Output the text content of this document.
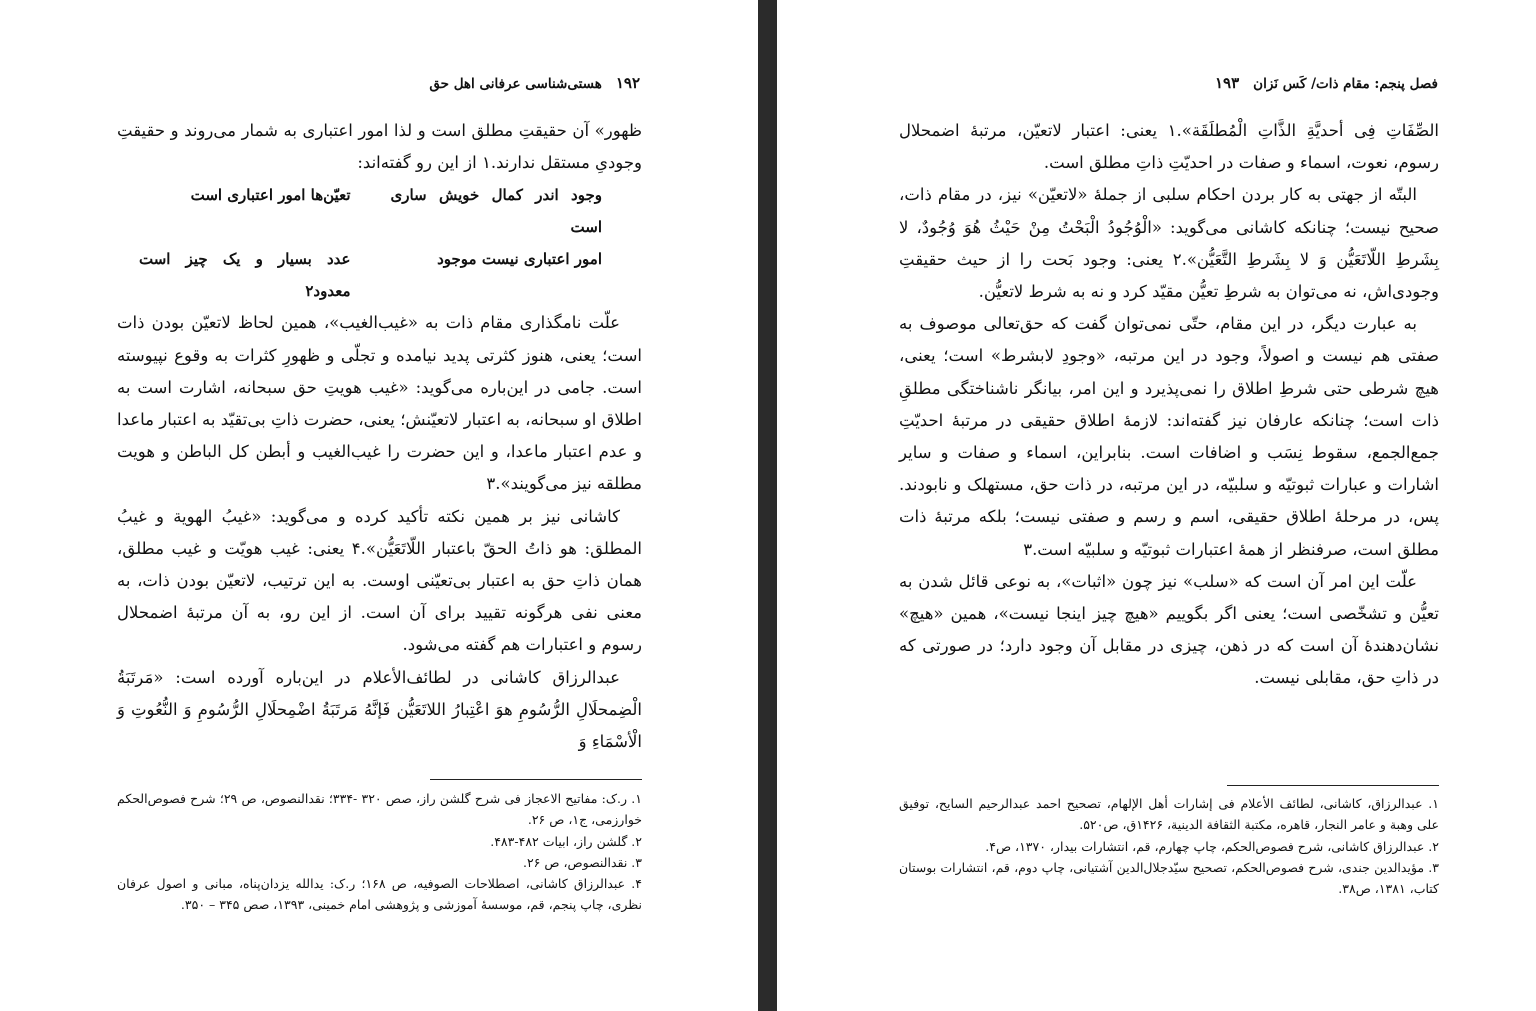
۱۹۲
هستی‌شناسی عرفانی اهل حق

ظهور» آن حقیقتِ مطلق است و لذا امور اعتباری به شمار می‌روند و حقیقتِ وجودیِ مستقل ندارند.۱ از این رو گفته‌اند:

وجود اندر کمال خویش ساری است
تعیّن‌ها امور اعتباری است
امور اعتباری نیست موجود
عدد بسیار و یک چیز است معدود۲

علّت نامگذاری مقام ذات به «غیب‌الغیب»، همین لحاظ لاتعیّن بودن ذات است؛ یعنی، هنوز کثرتی پدید نیامده و تجلّی و ظهورِ کثرات به وقوع نپیوسته است. جامی در این‌باره می‌گوید: «غیب هویتِ حق سبحانه، اشارت است به اطلاق او سبحانه، به اعتبار لاتعیّنش؛ یعنی، حضرت ذاتِ بی‌تقیّد به اعتبار ماعدا و عدم اعتبار ماعدا، و این حضرت را غیب‌الغیب و أبطن کل الباطن و هویت مطلقه نیز می‌گویند».۳

کاشانی نیز بر همین نکته تأکید کرده و می‌گوید: «غیبُ الهویة و غیبُ المطلق: هو ذاتُ الحقّ باعتبار اللّاتَعَیُّن».۴ یعنی: غیب هویّت و غیب مطلق، همان ذاتِ حق به اعتبار بی‌تعیّنی اوست. به این ترتیب، لاتعیّن بودن ذات، به معنی نفی هرگونه تقیید برای آن است. از این رو، به آن مرتبهٔ اضمحلال رسوم و اعتبارات هم گفته می‌شود.

عبدالرزاق کاشانی در لطائف‌الأعلام در این‌باره آورده است: «مَرتَبَةُ الْضِمحلَالِ الرُّسُومِ هوَ اعْتِبارُ اللاتَعَیُّن فَإنَّهُ مَرتَبَةُ اضْمِحلَالِ الرُّسُومِ وَ النُّعُوتِ وَ الْأسْمَاءِ وَ

۱. ر.ک: مفاتیح الاعجاز فی شرح گلشن راز، صص ۳۲۰ -۳۳۴؛ نقدالنصوص، ص ۲۹؛ شرح فصوص‌الحکم خوارزمی، ج۱، ص ۲۶.

۲. گلشن راز، ابیات ۴۸۲-۴۸۳.

۳. نقدالنصوص، ص ۲۶.

۴. عبدالرزاق کاشانی، اصطلاحات الصوفیه، ص ۱۶۸؛ ر.ک: یدالله یزدان‌پناه، مبانی و اصول عرفان نظری، چاپ پنجم، قم، موسسهٔ آموزشی و پژوهشی امام خمینی، ۱۳۹۳، صص ۳۴۵ – ۳۵۰.

فصل پنجم: مقام ذات/ کَس نَزان
۱۹۳

الصِّفَاتِ فِی أحدیَّةِ الذَّاتِ الْمُطلَقَة».۱ یعنی: اعتبار لاتعیّن، مرتبهٔ اضمحلال رسوم، نعوت، اسماء و صفات در احدیّتِ ذاتِ مطلق است.

البتّه از جهتی به کار بردن احکام سلبی از جملهٔ «لاتعیّن» نیز، در مقام ذات، صحیح نیست؛ چنانکه کاشانی می‌گوید: «الْوُجُودُ الْبَحْتُ مِنْ حَیْثُ هُوَ وُجُودٌ، لا بِشَرطِ اللّاتَعَیُّن وَ لا بِشَرطِ التَّعَیُّن».۲ یعنی: وجود بَحت را از حیث حقیقتِ وجودی‌اش، نه می‌توان به شرطِ تعیُّن مقیّد کرد و نه به شرط لاتعیُّن.

به عبارت دیگر، در این مقام، حتّی نمی‌توان گفت که حق‌تعالی موصوف به صفتی هم نیست و اصولاً، وجود در این مرتبه، «وجودِ لابشرط» است؛ یعنی، هیچ شرطی حتی شرطِ اطلاق را نمی‌پذیرد و این امر، بیانگر ناشناختگی مطلقِ ذات است؛ چنانکه عارفان نیز گفته‌اند: لازمهٔ اطلاق حقیقی در مرتبهٔ احدیّتِ جمع‌الجمع، سقوط نِسَب و اضافات است. بنابراین، اسماء و صفات و سایر اشارات و عبارات ثبوتیّه و سلبیّه، در این مرتبه، در ذات حق، مستهلک و نابودند. پس، در مرحلهٔ اطلاق حقیقی، اسم و رسم و صفتی نیست؛ بلکه مرتبهٔ ذات مطلق است، صرفنظر از همهٔ اعتبارات ثبوتیّه و سلبیّه است.۳

علّت این امر آن است که «سلب» نیز چون «اثبات»، به نوعی قائل شدن به تعیُّن و تشخّصی است؛ یعنی اگر بگوییم «هیچ چیز اینجا نیست»، همین «هیچ» نشان‌دهندهٔ آن است که در ذهن، چیزی در مقابل آن وجود دارد؛ در صورتی که در ذاتِ حق، مقابلی نیست.

۱. عبدالرزاق، کاشانی، لطائف الأعلام فی إشارات أهل الإلهام، تصحیح احمد عبدالرحیم السایح، توفیق علی وهبة و عامر النجار، قاهره، مکتبة الثقافة الدینیة، ۱۴۲۶ق، ص۵۲۰.

۲. عبدالرزاق کاشانی، شرح فصوص‌الحکم، چاپ چهارم، قم، انتشارات بیدار، ۱۳۷۰، ص۴.

۳. مؤیدالدین جندی، شرح فصوص‌الحکم، تصحیح سیّدجلال‌الدین آشتیانی، چاپ دوم، قم، انتشارات بوستان کتاب، ۱۳۸۱، ص۳۸.
